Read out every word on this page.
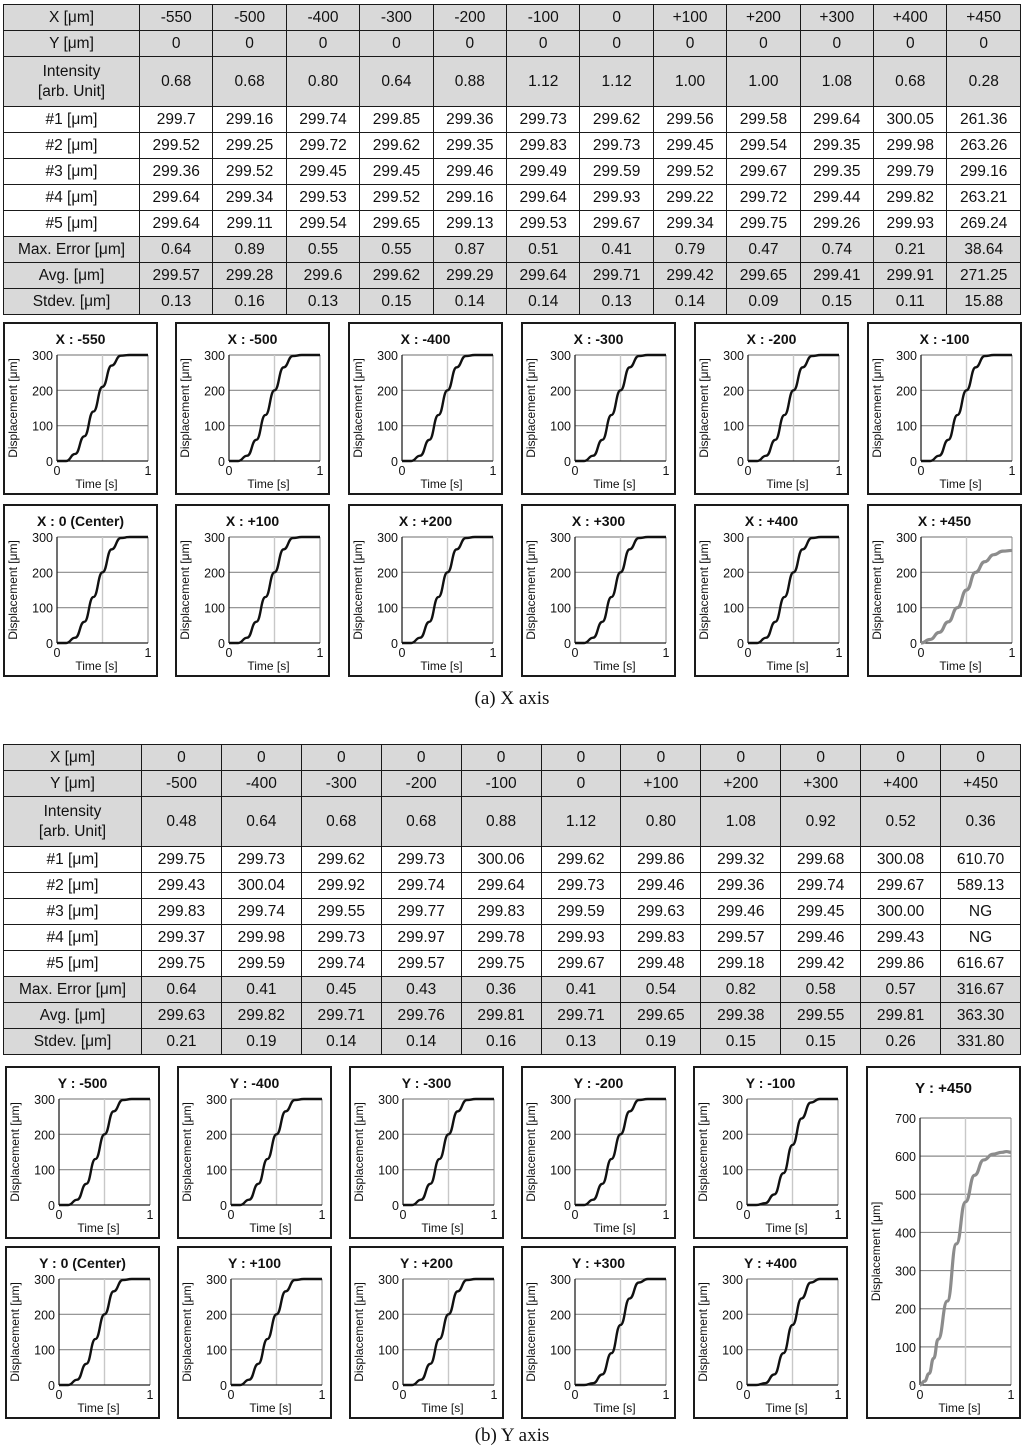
X [μm]	-550	-500	-400	-300	-200	-100	0	+100	+200	+300	+400	+450
Y [μm]	0	0	0	0	0	0	0	0	0	0	0	0
Intensity
[arb. Unit]	0.68	0.68	0.80	0.64	0.88	1.12	1.12	1.00	1.00	1.08	0.68	0.28
#1 [μm]	299.7	299.16	299.74	299.85	299.36	299.73	299.62	299.56	299.58	299.64	300.05	261.36
#2 [μm]	299.52	299.25	299.72	299.62	299.35	299.83	299.73	299.45	299.54	299.35	299.98	263.26
#3 [μm]	299.36	299.52	299.45	299.45	299.46	299.49	299.59	299.52	299.67	299.35	299.79	299.16
#4 [μm]	299.64	299.34	299.53	299.52	299.16	299.64	299.93	299.22	299.72	299.44	299.82	263.21
#5 [μm]	299.64	299.11	299.54	299.65	299.13	299.53	299.67	299.34	299.75	299.26	299.93	269.24
Max. Error [μm]	0.64	0.89	0.55	0.55	0.87	0.51	0.41	0.79	0.47	0.74	0.21	38.64
Avg. [μm]	299.57	299.28	299.6	299.62	299.29	299.64	299.71	299.42	299.65	299.41	299.91	271.25
Stdev. [μm]	0.13	0.16	0.13	0.15	0.14	0.14	0.13	0.14	0.09	0.15	0.11	15.88
X [μm]	0	0	0	0	0	0	0	0	0	0	0
Y [μm]	-500	-400	-300	-200	-100	0	+100	+200	+300	+400	+450
Intensity
[arb. Unit]	0.48	0.64	0.68	0.68	0.88	1.12	0.80	1.08	0.92	0.52	0.36
#1 [μm]	299.75	299.73	299.62	299.73	300.06	299.62	299.86	299.32	299.68	300.08	610.70
#2 [μm]	299.43	300.04	299.92	299.74	299.64	299.73	299.46	299.36	299.74	299.67	589.13
#3 [μm]	299.83	299.74	299.55	299.77	299.83	299.59	299.63	299.46	299.45	300.00	NG
#4 [μm]	299.37	299.98	299.73	299.97	299.78	299.93	299.83	299.57	299.46	299.43	NG
#5 [μm]	299.75	299.59	299.74	299.57	299.75	299.67	299.48	299.18	299.42	299.86	616.67
Max. Error [μm]	0.64	0.41	0.45	0.43	0.36	0.41	0.54	0.82	0.58	0.57	316.67
Avg. [μm]	299.63	299.82	299.71	299.76	299.81	299.71	299.65	299.38	299.55	299.81	363.30
Stdev. [μm]	0.21	0.19	0.14	0.14	0.16	0.13	0.19	0.15	0.15	0.26	331.80
X : -550
0
100
200
300
0	1
Time [s]
Displacement [μm]
X : -500
0
100
200
300
0	1
Time [s]
Displacement [μm]
X : -400
0
100
200
300
0	1
Time [s]
Displacement [μm]
X : -300
0
100
200
300
0	1
Time [s]
Displacement [μm]
X : -200
0
100
200
300
0	1
Time [s]
Displacement [μm]
X : -100
0
100
200
300
0	1
Time [s]
Displacement [μm]
X : 0 (Center)
0
100
200
300
0	1
Time [s]
Displacement [μm]
X : +100
0
100
200
300
0	1
Time [s]
Displacement [μm]
X : +200
0
100
200
300
0	1
Time [s]
Displacement [μm]
X : +300
0
100
200
300
0	1
Time [s]
Displacement [μm]
X : +400
0
100
200
300
0	1
Time [s]
Displacement [μm]
X : +450
0
100
200
300
0	1
Time [s]
Displacement [μm]
Y : -500
0
100
200
300
0	1
Time [s]
Displacement [μm]
Y : -400
0
100
200
300
0	1
Time [s]
Displacement [μm]
Y : -300
0
100
200
300
0	1
Time [s]
Displacement [μm]
Y : -200
0
100
200
300
0	1
Time [s]
Displacement [μm]
Y : -100
0
100
200
300
0	1
Time [s]
Displacement [μm]
Y : 0 (Center)
0
100
200
300
0	1
Time [s]
Displacement [μm]
Y : +100
0
100
200
300
0	1
Time [s]
Displacement [μm]
Y : +200
0
100
200
300
0	1
Time [s]
Displacement [μm]
Y : +300
0
100
200
300
0	1
Time [s]
Displacement [μm]
Y : +400
0
100
200
300
0	1
Time [s]
Displacement [μm]
Y : +450
0
100
200
300
400
500
600
700
0	1
Time [s]
Displacement [μm]
(a) X axis
(b) Y axis
